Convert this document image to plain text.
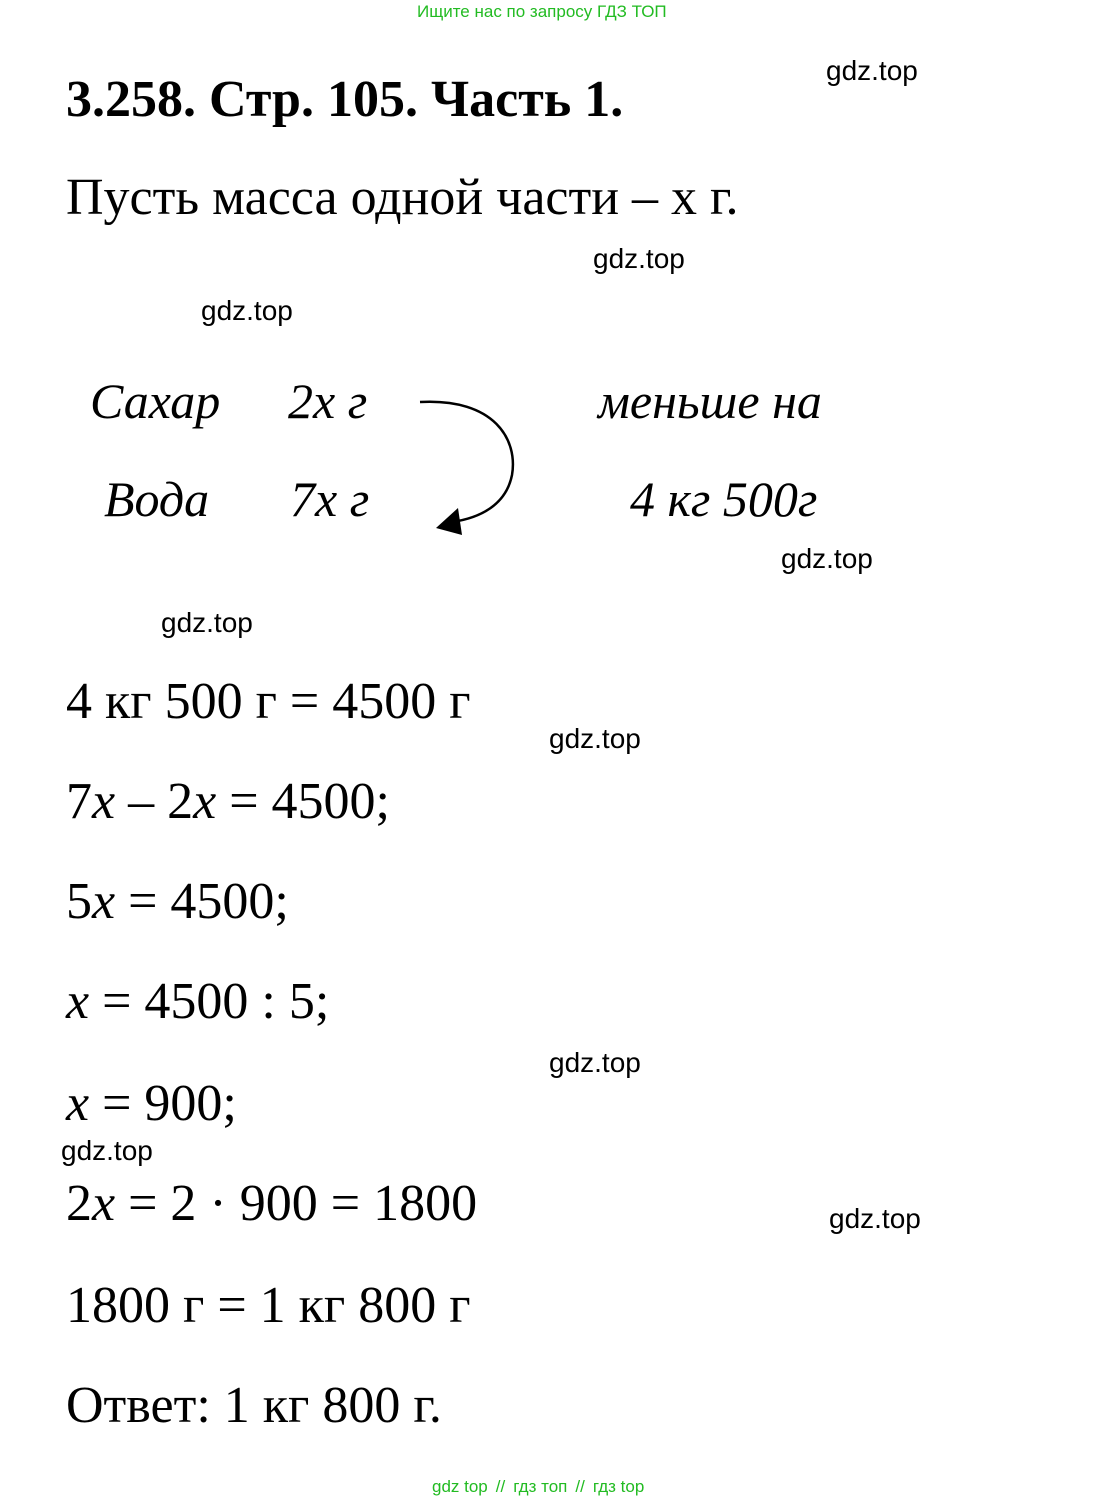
Ищите нас по запросу ГДЗ ТОП
3.258. Стр. 105. Часть 1.
Пусть масса одной части – х г.
Сахар 2х г
Вода 7х г
меньше на
4 кг 500г
4 кг 500 г = 4500 г
7x – 2x = 4500;
5x = 4500;
x = 4500 : 5;
x = 900;
2x = 2 · 900 = 1800
1800 г = 1 кг 800 г
Ответ: 1 кг 800 г.
gdz.top
gdz.top
gdz.top
gdz.top
gdz.top
gdz.top
gdz.top
gdz.top
gdz.top
gdz top // гдз топ // гдз top
